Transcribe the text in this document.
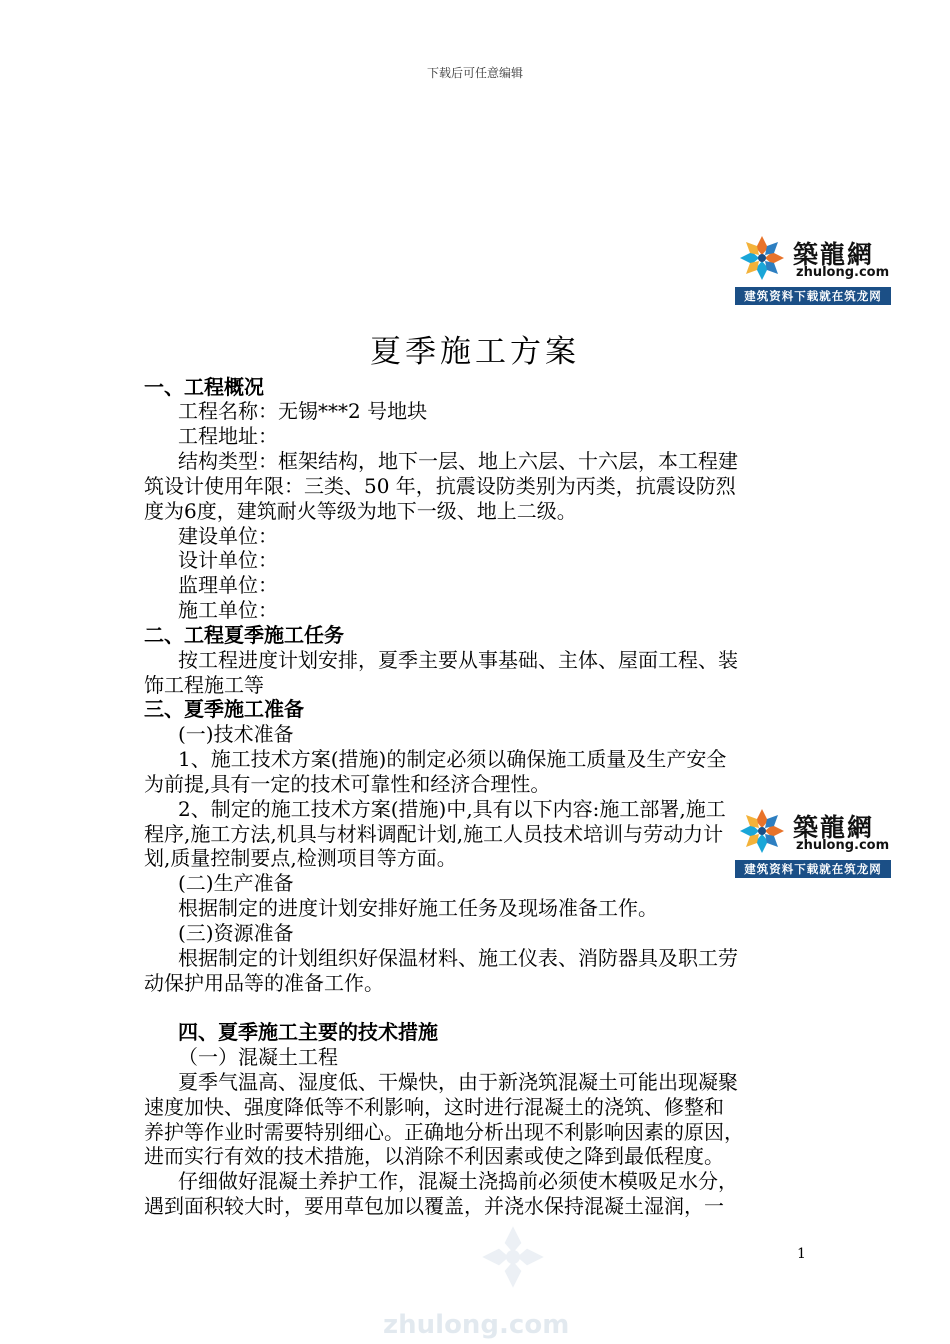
下载后可任意编辑
築龍網
zhulong.com
建筑资料下载就在筑龙网
築龍網
zhulong.com
建筑资料下载就在筑龙网
夏季施工方案
一、工程概况
工程名称：无锡***2 号地块
工程地址：
结构类型：框架结构，地下一层、地上六层、十六层，本工程建
筑设计使用年限：三类、50 年，抗震设防类别为丙类，抗震设防烈
度为6度，建筑耐火等级为地下一级、地上二级。
建设单位：
设计单位：
监理单位：
施工单位：
二、工程夏季施工任务
按工程进度计划安排，夏季主要从事基础、主体、屋面工程、装
饰工程施工等
三、夏季施工准备
(一)技术准备
1、施工技术方案(措施)的制定必须以确保施工质量及生产安全
为前提,具有一定的技术可靠性和经济合理性。
2、制定的施工技术方案(措施)中,具有以下内容:施工部署,施工
程序,施工方法,机具与材料调配计划,施工人员技术培训与劳动力计
划,质量控制要点,检测项目等方面。
(二)生产准备
根据制定的进度计划安排好施工任务及现场准备工作。
(三)资源准备
根据制定的计划组织好保温材料、施工仪表、消防器具及职工劳
动保护用品等的准备工作。
四、夏季施工主要的技术措施
（一）混凝土工程
夏季气温高、湿度低、干燥快，由于新浇筑混凝土可能出现凝聚
速度加快、强度降低等不利影响，这时进行混凝土的浇筑、修整和
养护等作业时需要特别细心。正确地分析出现不利影响因素的原因，
进而实行有效的技术措施，以消除不利因素或使之降到最低程度。
仔细做好混凝土养护工作，混凝土浇捣前必须使木模吸足水分，
遇到面积较大时，要用草包加以覆盖，并浇水保持混凝土湿润，一
zhulong.com
1
